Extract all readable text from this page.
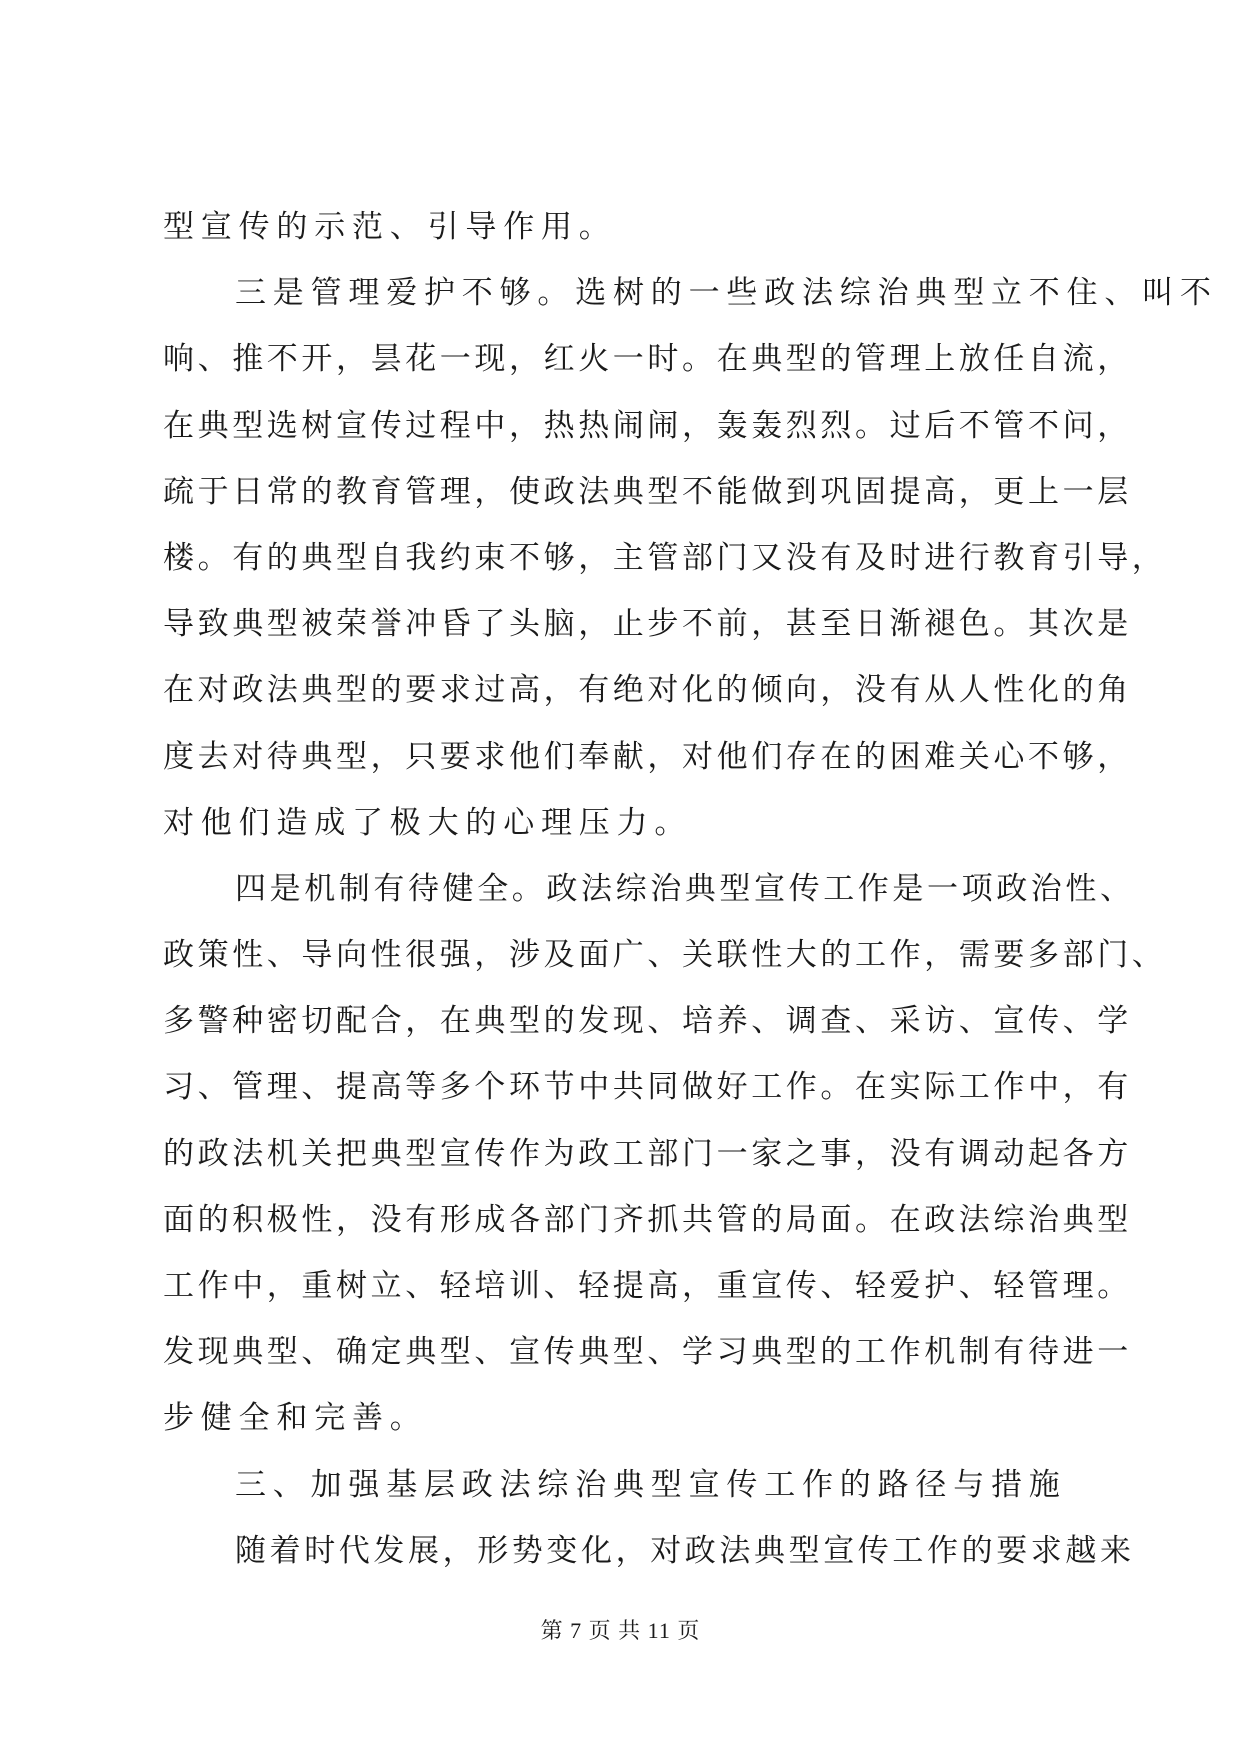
型宣传的示范、引导作用。
三是管理爱护不够。选树的一些政法综治典型立不住、叫不
响、推不开，昙花一现，红火一时。在典型的管理上放任自流，
在典型选树宣传过程中，热热闹闹，轰轰烈烈。过后不管不问，
疏于日常的教育管理，使政法典型不能做到巩固提高，更上一层
楼。有的典型自我约束不够，主管部门又没有及时进行教育引导，
导致典型被荣誉冲昏了头脑，止步不前，甚至日渐褪色。其次是
在对政法典型的要求过高，有绝对化的倾向，没有从人性化的角
度去对待典型，只要求他们奉献，对他们存在的困难关心不够，
对他们造成了极大的心理压力。
四是机制有待健全。政法综治典型宣传工作是一项政治性、
政策性、导向性很强，涉及面广、关联性大的工作，需要多部门、
多警种密切配合，在典型的发现、培养、调查、采访、宣传、学
习、管理、提高等多个环节中共同做好工作。在实际工作中，有
的政法机关把典型宣传作为政工部门一家之事，没有调动起各方
面的积极性，没有形成各部门齐抓共管的局面。在政法综治典型
工作中，重树立、轻培训、轻提高，重宣传、轻爱护、轻管理。
发现典型、确定典型、宣传典型、学习典型的工作机制有待进一
步健全和完善。
三、加强基层政法综治典型宣传工作的路径与措施
随着时代发展，形势变化，对政法典型宣传工作的要求越来
第 7 页 共 11 页
